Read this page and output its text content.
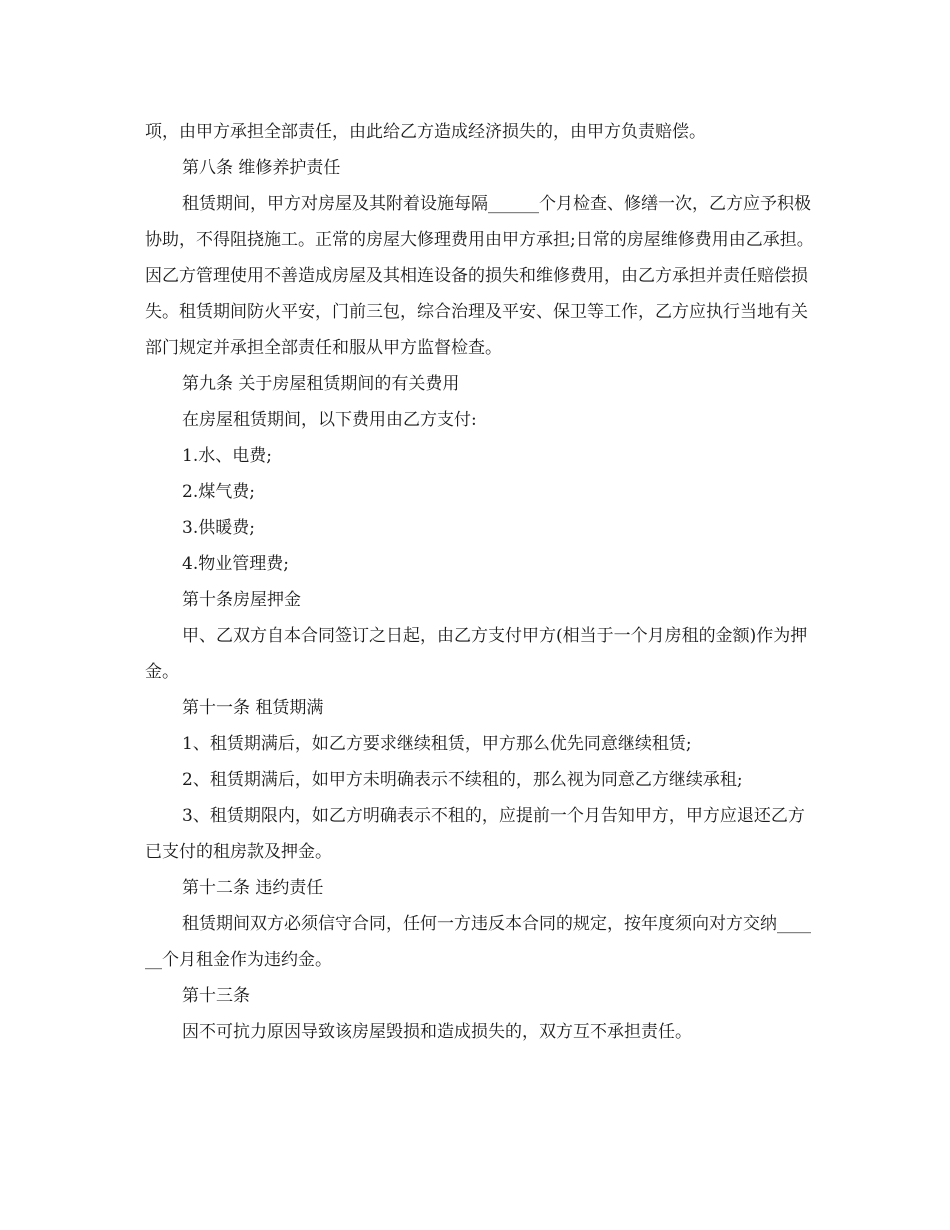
项，由甲方承担全部责任，由此给乙方造成经济损失的，由甲方负责赔偿。

第八条 维修养护责任

租赁期间，甲方对房屋及其附着设施每隔______个月检查、修缮一次，乙方应予积极协助，不得阻挠施工。正常的房屋大修理费用由甲方承担;日常的房屋维修费用由乙承担。因乙方管理使用不善造成房屋及其相连设备的损失和维修费用，由乙方承担并责任赔偿损失。租赁期间防火平安，门前三包，综合治理及平安、保卫等工作，乙方应执行当地有关部门规定并承担全部责任和服从甲方监督检查。

第九条 关于房屋租赁期间的有关费用

在房屋租赁期间，以下费用由乙方支付:

1.水、电费;

2.煤气费;

3.供暖费;

4.物业管理费;

第十条房屋押金

甲、乙双方自本合同签订之日起，由乙方支付甲方(相当于一个月房租的金额)作为押金。

第十一条 租赁期满

1、租赁期满后，如乙方要求继续租赁，甲方那么优先同意继续租赁;

2、租赁期满后，如甲方未明确表示不续租的，那么视为同意乙方继续承租;

3、租赁期限内，如乙方明确表示不租的，应提前一个月告知甲方，甲方应退还乙方已支付的租房款及押金。

第十二条 违约责任

租赁期间双方必须信守合同，任何一方违反本合同的规定，按年度须向对方交纳______个月租金作为违约金。

第十三条

因不可抗力原因导致该房屋毁损和造成损失的，双方互不承担责任。
